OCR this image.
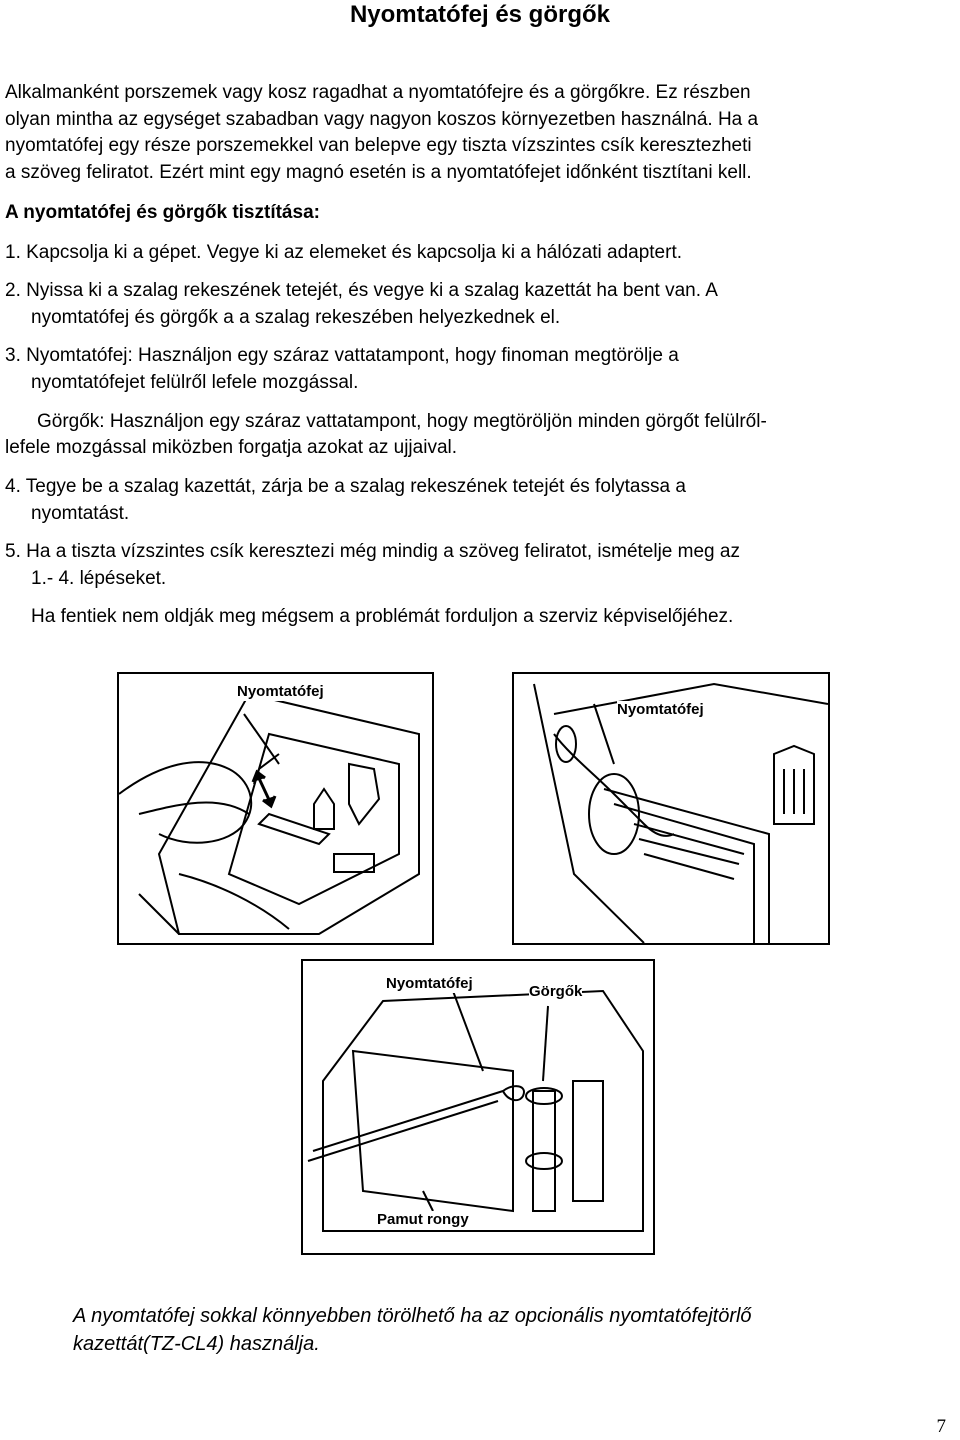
Nyomtatófej és görgők

Alkalmanként porszemek vagy kosz ragadhat a nyomtatófejre és a görgőkre. Ez részben

olyan mintha az egységet szabadban vagy nagyon koszos környezetben használná. Ha a

nyomtatófej egy része porszemekkel van belepve egy tiszta vízszintes csík keresztezheti

a szöveg feliratot. Ezért mint egy magnó esetén is a nyomtatófejet időnként tisztítani kell.

A nyomtatófej és görgők tisztítása:

1. Kapcsolja ki a gépet. Vegye ki az elemeket és kapcsolja ki a hálózati adaptert.

2. Nyissa ki a szalag rekeszének tetejét, és vegye ki a szalag kazettát ha bent van. A

nyomtatófej és görgők a a szalag rekeszében helyezkednek el.

3. Nyomtatófej: Használjon egy száraz vattatampont, hogy finoman megtörölje a

nyomtatófejet felülről lefele mozgással.

Görgők: Használjon egy száraz vattatampont, hogy megtöröljön minden görgőt felülről-

lefele mozgással miközben forgatja azokat az ujjaival.

4. Tegye be a szalag kazettát, zárja be a szalag rekeszének tetejét és folytassa a

nyomtatást.

5. Ha a tiszta vízszintes csík keresztezi még mindig a szöveg feliratot, ismételje meg az

1.- 4. lépéseket.

Ha fentiek nem oldják meg mégsem a problémát forduljon a szerviz képviselőjéhez.

Nyomtatófej
Nyomtatófej
Nyomtatófej	Görgők
Pamut rongy
A nyomtatófej sokkal könnyebben törölhető ha az opcionális nyomtatófejtörlő
kazettát(TZ-CL4) használja.
7
